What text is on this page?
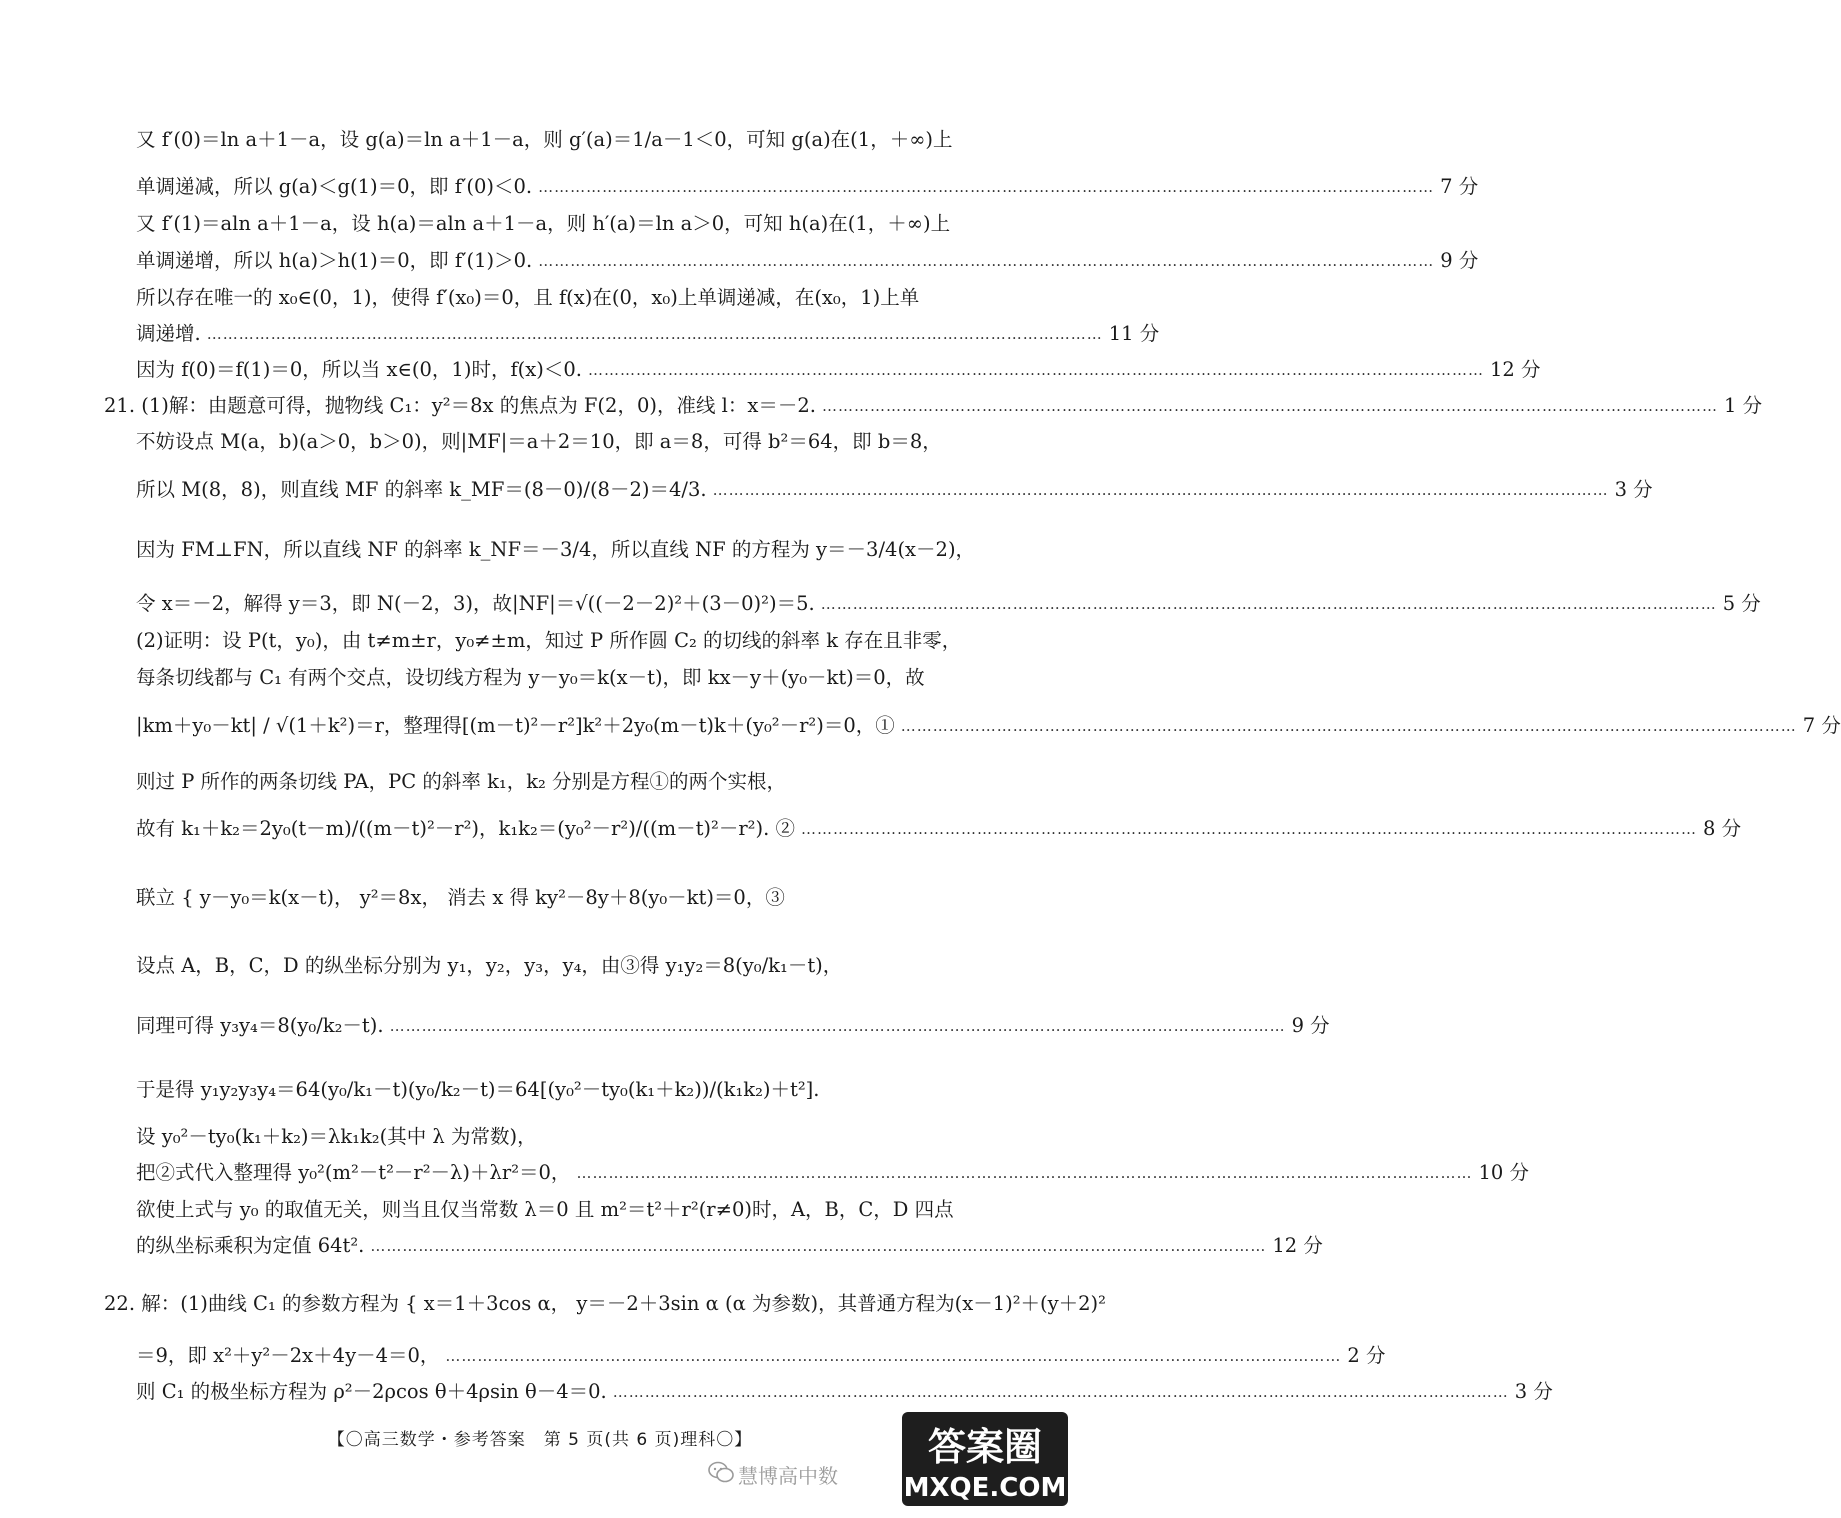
又 f′(0)＝ln a＋1－a，设 g(a)＝ln a＋1－a，则 g′(a)＝1/a－1＜0，可知 g(a)在(1，＋∞)上
单调递减，所以 g(a)＜g(1)＝0，即 f′(0)＜0. …………………………………………………………………………………………………………………………………………………… 7 分
又 f′(1)＝aln a＋1－a，设 h(a)＝aln a＋1－a，则 h′(a)＝ln a＞0，可知 h(a)在(1，＋∞)上
单调递增，所以 h(a)＞h(1)＝0，即 f′(1)＞0. …………………………………………………………………………………………………………………………………………………… 9 分
所以存在唯一的 x₀∈(0，1)，使得 f′(x₀)＝0，且 f(x)在(0，x₀)上单调递减，在(x₀，1)上单
调递增. …………………………………………………………………………………………………………………………………………………… 11 分
因为 f(0)＝f(1)＝0，所以当 x∈(0，1)时，f(x)＜0. …………………………………………………………………………………………………………………………………………………… 12 分
21. (1)解：由题意可得，抛物线 C₁：y²＝8x 的焦点为 F(2，0)，准线 l：x＝－2. …………………………………………………………………………………………………………………………………………………… 1 分
不妨设点 M(a，b)(a＞0，b＞0)，则|MF|＝a＋2＝10，即 a＝8，可得 b²＝64，即 b＝8，
所以 M(8，8)，则直线 MF 的斜率 k_MF＝(8－0)/(8－2)＝4/3. …………………………………………………………………………………………………………………………………………………… 3 分
因为 FM⊥FN，所以直线 NF 的斜率 k_NF＝－3/4，所以直线 NF 的方程为 y＝－3/4(x－2)，
令 x＝－2，解得 y＝3，即 N(－2，3)，故|NF|＝√((－2－2)²＋(3－0)²)＝5. …………………………………………………………………………………………………………………………………………………… 5 分
(2)证明：设 P(t，y₀)，由 t≠m±r，y₀≠±m，知过 P 所作圆 C₂ 的切线的斜率 k 存在且非零，
每条切线都与 C₁ 有两个交点，设切线方程为 y－y₀＝k(x－t)，即 kx－y＋(y₀－kt)＝0，故
|km＋y₀－kt| / √(1＋k²)＝r，整理得[(m－t)²－r²]k²＋2y₀(m－t)k＋(y₀²－r²)＝0，① …………………………………………………………………………………………………………………………………………………… 7 分
则过 P 所作的两条切线 PA，PC 的斜率 k₁，k₂ 分别是方程①的两个实根，
故有 k₁＋k₂＝2y₀(t－m)/((m－t)²－r²)，k₁k₂＝(y₀²－r²)/((m－t)²－r²). ② …………………………………………………………………………………………………………………………………………………… 8 分
联立 { y－y₀＝k(x－t)， y²＝8x， 消去 x 得 ky²－8y＋8(y₀－kt)＝0，③
设点 A，B，C，D 的纵坐标分别为 y₁，y₂，y₃，y₄，由③得 y₁y₂＝8(y₀/k₁－t)，
同理可得 y₃y₄＝8(y₀/k₂－t). …………………………………………………………………………………………………………………………………………………… 9 分
于是得 y₁y₂y₃y₄＝64(y₀/k₁－t)(y₀/k₂－t)＝64[(y₀²－ty₀(k₁＋k₂))/(k₁k₂)＋t²].
设 y₀²－ty₀(k₁＋k₂)＝λk₁k₂(其中 λ 为常数)，
把②式代入整理得 y₀²(m²－t²－r²－λ)＋λr²＝0， …………………………………………………………………………………………………………………………………………………… 10 分
欲使上式与 y₀ 的取值无关，则当且仅当常数 λ＝0 且 m²＝t²＋r²(r≠0)时，A，B，C，D 四点
的纵坐标乘积为定值 64t². …………………………………………………………………………………………………………………………………………………… 12 分
22. 解：(1)曲线 C₁ 的参数方程为 { x＝1＋3cos α， y＝－2＋3sin α (α 为参数)，其普通方程为(x－1)²＋(y＋2)²
＝9，即 x²＋y²－2x＋4y－4＝0， …………………………………………………………………………………………………………………………………………………… 2 分
则 C₁ 的极坐标方程为 ρ²－2ρcos θ＋4ρsin θ－4＝0. …………………………………………………………………………………………………………………………………………………… 3 分
【〇高三数学・参考答案　第 5 页(共 6 页)理科〇】
慧博高中数
答案圈
MXQE.COM
